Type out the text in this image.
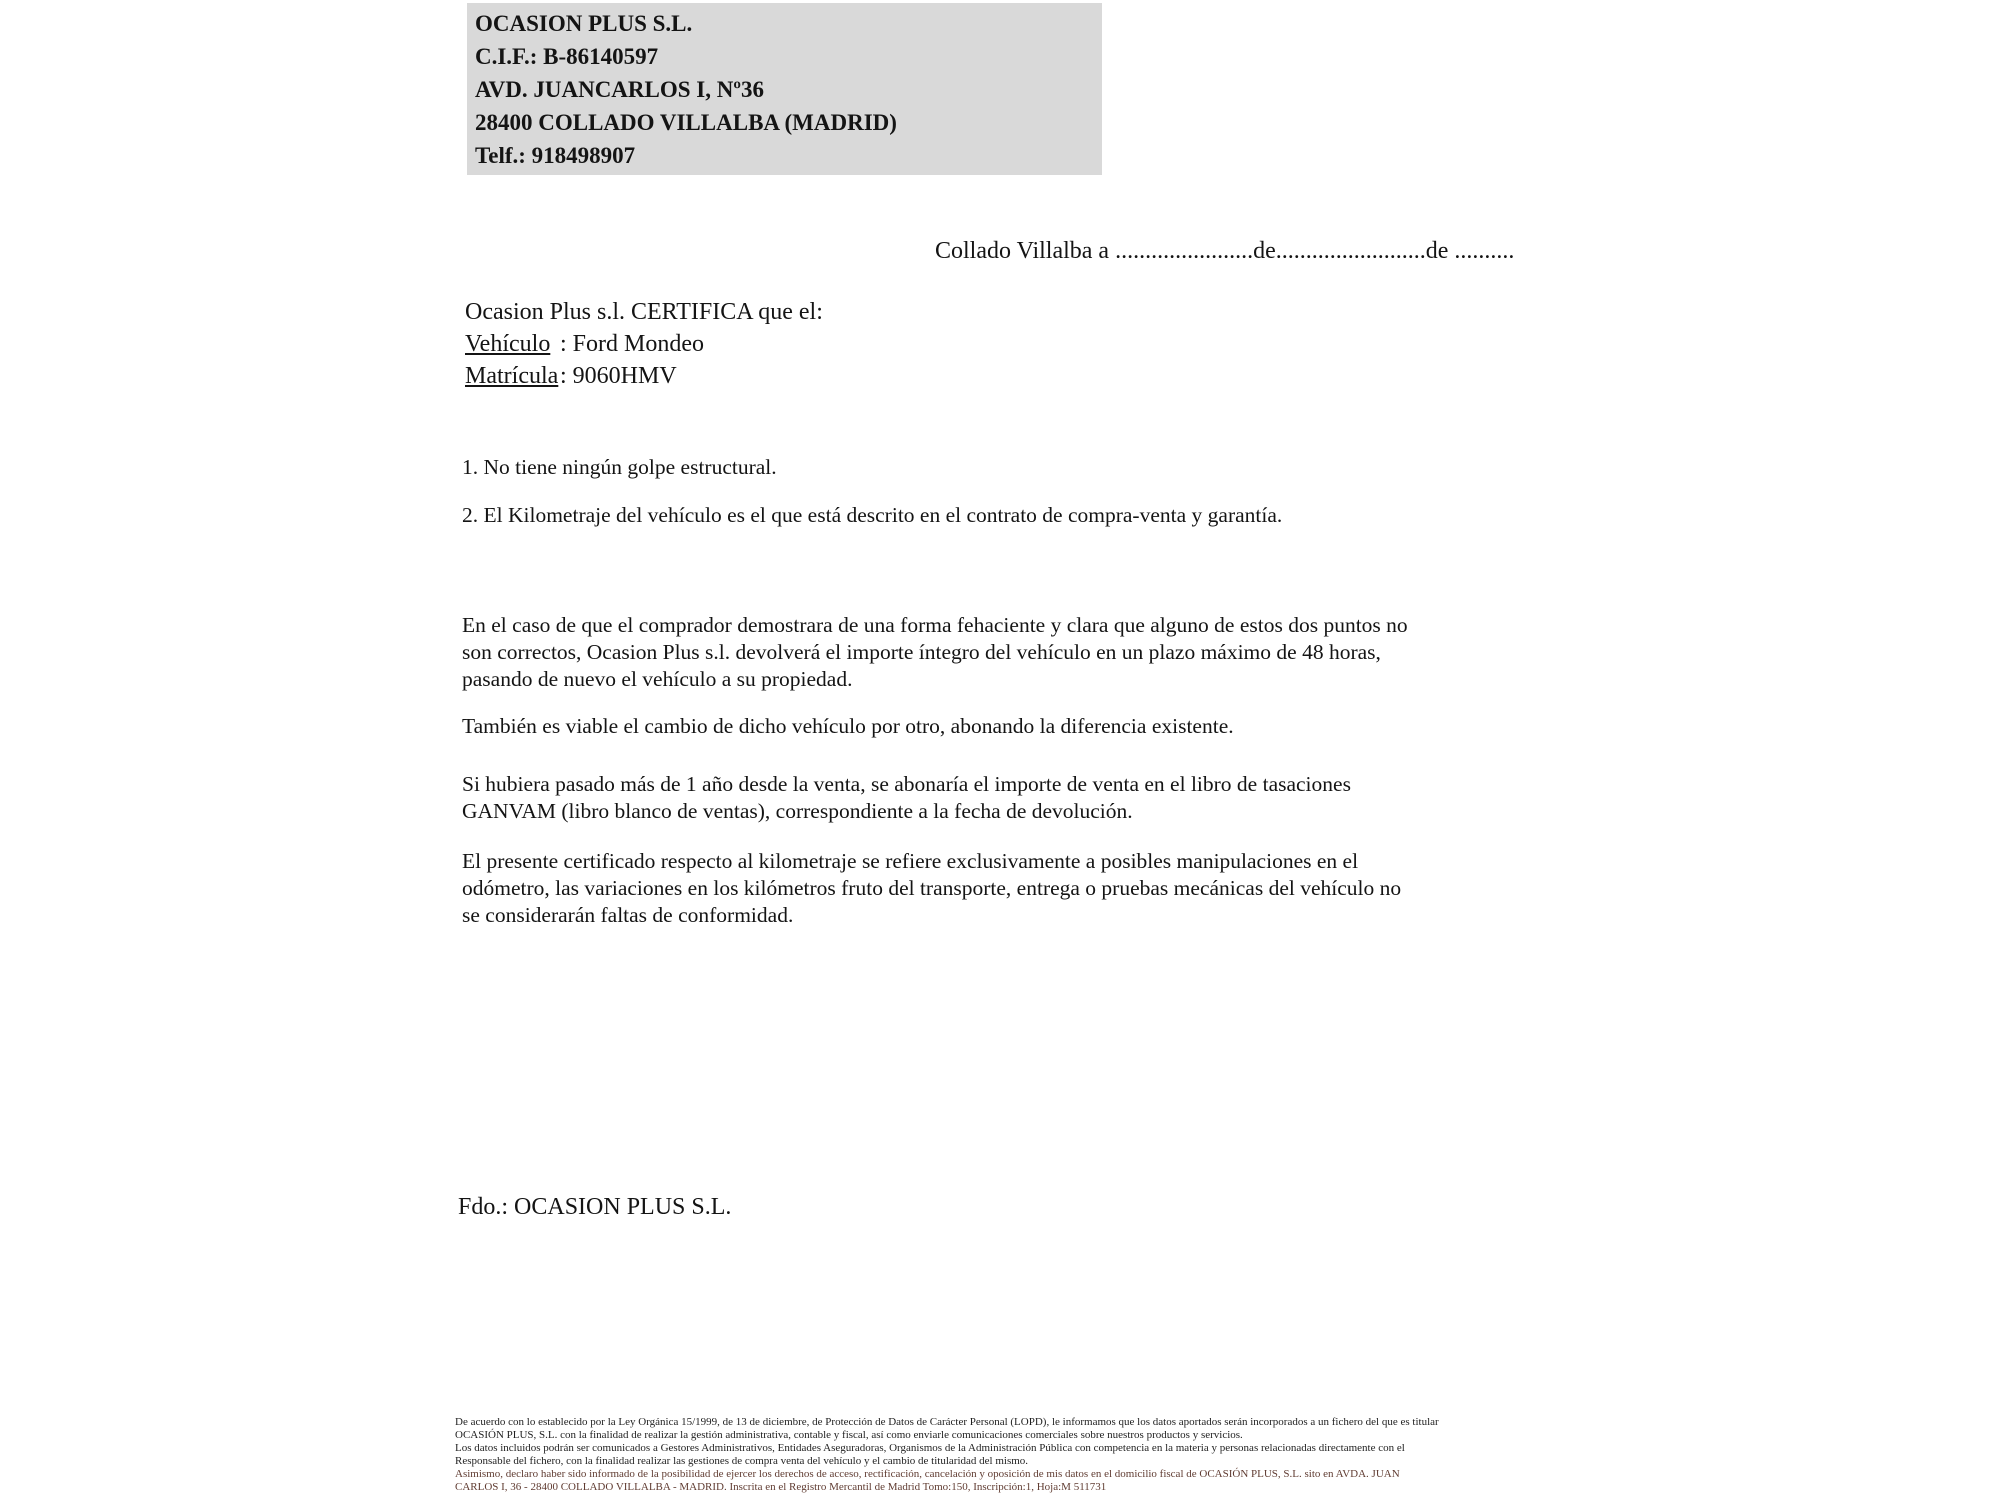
OCASION PLUS S.L.
C.I.F.: B-86140597
AVD. JUANCARLOS I, Nº36
28400 COLLADO VILLALBA (MADRID)
Telf.: 918498907
Collado Villalba a .......................de.........................de ..........
Ocasion Plus s.l. CERTIFICA que el:
Vehículo : Ford Mondeo
Matrícula: 9060HMV
1. No tiene ningún golpe estructural.
2. El Kilometraje del vehículo es el que está descrito en el contrato de compra-venta y garantía.
En el caso de que el comprador demostrara de una forma fehaciente y clara que alguno de estos dos puntos no
son correctos, Ocasion Plus s.l. devolverá el importe íntegro del vehículo en un plazo máximo de 48 horas,
pasando de nuevo el vehículo a su propiedad.
También es viable el cambio de dicho vehículo por otro, abonando la diferencia existente.
Si hubiera pasado más de 1 año desde la venta, se abonaría el importe de venta en el libro de tasaciones
GANVAM (libro blanco de ventas), correspondiente a la fecha de devolución.
El presente certificado respecto al kilometraje se refiere exclusivamente a posibles manipulaciones en el
odómetro, las variaciones en los kilómetros fruto del transporte, entrega o pruebas mecánicas del vehículo no
se considerarán faltas de conformidad.
Fdo.: OCASION PLUS S.L.
De acuerdo con lo establecido por la Ley Orgánica 15/1999, de 13 de diciembre, de Protección de Datos de Carácter Personal (LOPD), le informamos que los datos aportados serán incorporados a un fichero del que es titular
OCASIÓN PLUS, S.L. con la finalidad de realizar la gestión administrativa, contable y fiscal, así como enviarle comunicaciones comerciales sobre nuestros productos y servicios.
Los datos incluidos podrán ser comunicados a Gestores Administrativos, Entidades Aseguradoras, Organismos de la Administración Pública con competencia en la materia y personas relacionadas directamente con el
Responsable del fichero, con la finalidad realizar las gestiones de compra venta del vehículo y el cambio de titularidad del mismo.
Asimismo, declaro haber sido informado de la posibilidad de ejercer los derechos de acceso, rectificación, cancelación y oposición de mis datos en el domicilio fiscal de OCASIÓN PLUS, S.L. sito en AVDA. JUAN
CARLOS I, 36 - 28400 COLLADO VILLALBA - MADRID. Inscrita en el Registro Mercantil de Madrid Tomo:150, Inscripción:1, Hoja:M 511731
